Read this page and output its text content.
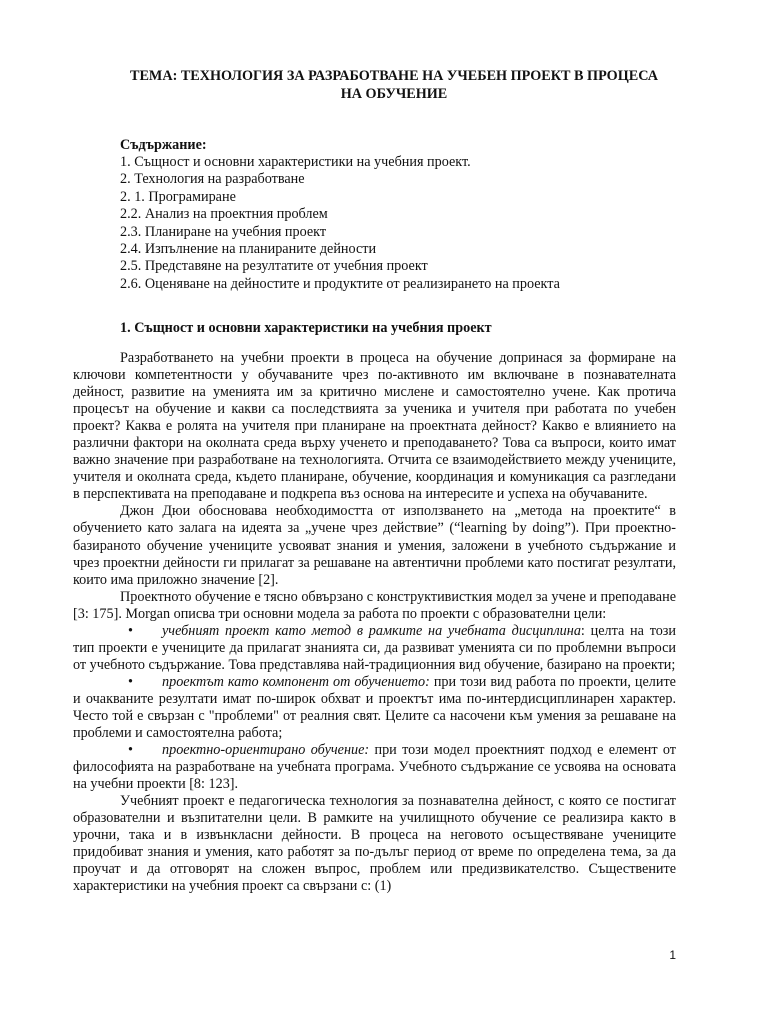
ТЕМА: ТЕХНОЛОГИЯ ЗА РАЗРАБОТВАНЕ НА УЧЕБЕН ПРОЕКТ В ПРОЦЕСА НА ОБУЧЕНИЕ
Съдържание:
1. Същност и основни характеристики на учебния проект.
2. Технология на разработване
2. 1. Програмиране
2.2. Анализ на проектния проблем
2.3. Планиране на учебния проект
2.4. Изпълнение на планираните дейности
2.5. Представяне на резултатите от учебния проект
2.6. Оценяване на дейностите и продуктите от реализирането на проекта
1. Същност и основни характеристики на учебния проект

Разработването на учебни проекти в процеса на обучение допринася за формиране на ключови компетентности у обучаваните чрез по-активното им включване в познавателната дейност, развитие на уменията им за критично мислене и самостоятелно учене. Как протича процесът на обучение и какви са последствията за ученика и учителя при работата по учебен проект? Каква е ролята на учителя при планиране на проектната дейност? Какво е влиянието на различни фактори на околната среда върху ученето и преподаването? Това са въпроси, които имат важно значение при разработване на технологията. Отчита се взаимодействието между учениците, учителя и околната среда, където планиране, обучение, координация и комуникация са разгледани в перспективата на преподаване и подкрепа въз основа на интересите и успеха на обучаваните.

Джон Дюи обосновава необходимостта от използването на „метода на проектите“ в обучението като залага на идеята за „учене чрез действие” (“learning by doing”). При проектно-базираното обучение учениците усвояват знания и умения, заложени в учебното съдържание и чрез проектни дейности ги прилагат за решаване на автентични проблеми като постигат резултати, които има приложно значение [2].

Проектното обучение е тясно обвързано с конструктивисткия модел за учене и преподаване [3: 175]. Morgan описва три основни модела за работа по проекти с образователни цели:

• учебният проект като метод в рамките на учебната дисциплина: целта на този тип проекти е учениците да прилагат знанията си, да развиват уменията си по проблемни въпроси от учебното съдържание. Това представлява най-традиционния вид обучение, базирано на проекти;

• проектът като компонент от обучението: при този вид работа по проекти, целите и очакваните резултати имат по-широк обхват и проектът има по-интердисциплинарен характер. Често той е свързан с "проблеми" от реалния свят. Целите са насочени към умения за решаване на проблеми и самостоятелна работа;

• проектно-ориентирано обучение: при този модел проектният подход е елемент от философията на разработване на учебната програма. Учебното съдържание се усвоява на основата на учебни проекти [8: 123].

Учебният проект е педагогическа технология за познавателна дейност, с която се постигат образователни и възпитателни цели. В рамките на училищното обучение се реализира както в урочни, така и в извънкласни дейности. В процеса на неговото осъществяване учениците придобиват знания и умения, като работят за по-дълъг период от време по определена тема, за да проучат и да отговорят на сложен въпрос, проблем или предизвикателство. Съществените характеристики на учебния проект са свързани с: (1)

1
